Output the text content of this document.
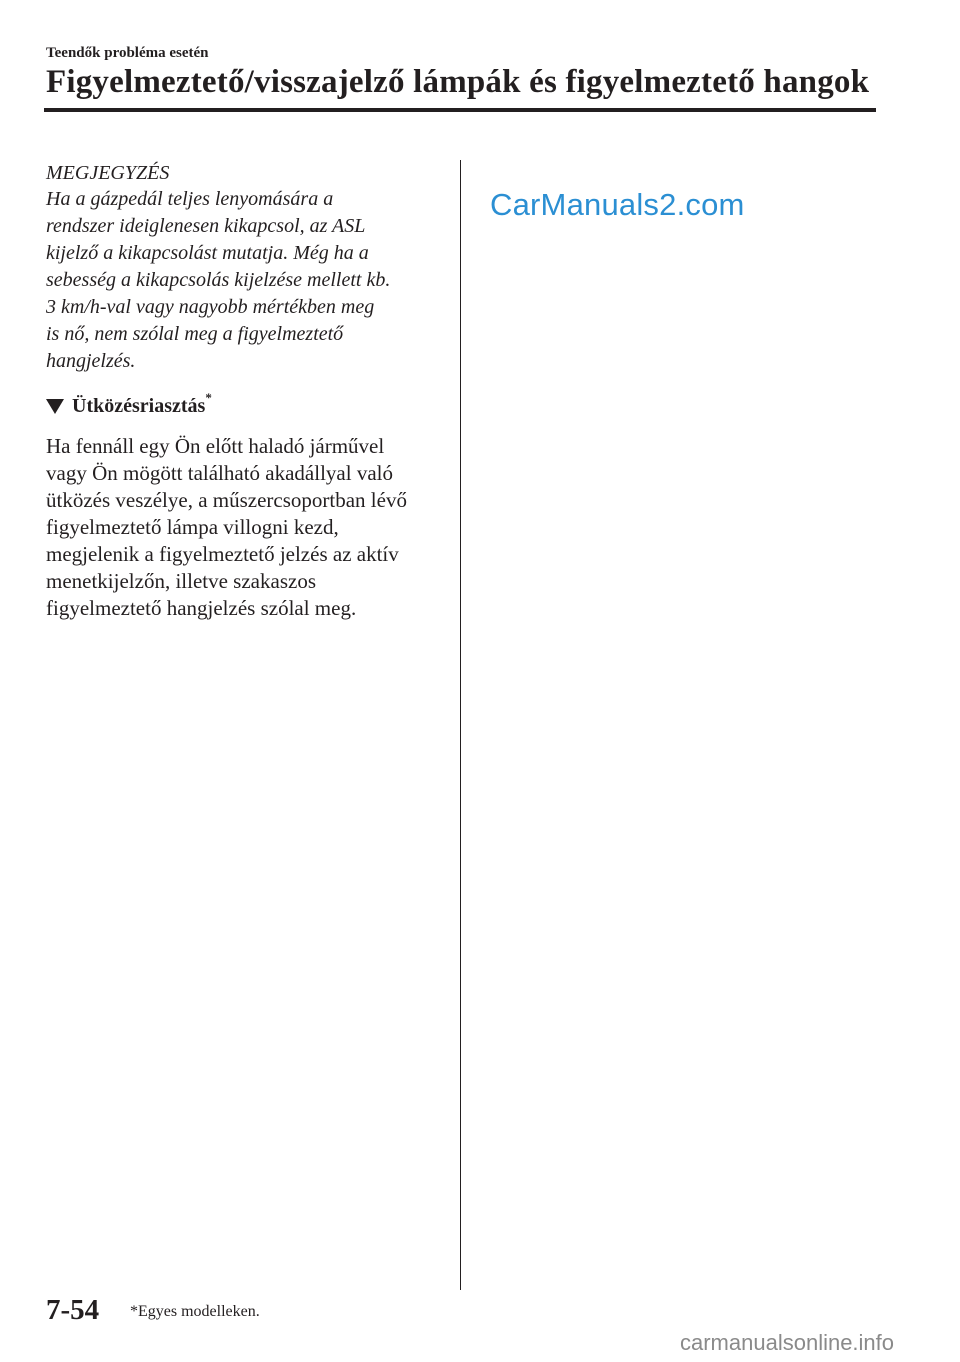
Teendők probléma esetén
Figyelmeztető/visszajelző lámpák és figyelmeztető hangok
MEGJEGYZÉS

Ha a gázpedál teljes lenyomására a
rendszer ideiglenesen kikapcsol, az ASL
kijelző a kikapcsolást mutatja. Még ha a
sebesség a kikapcsolás kijelzése mellett kb.
3 km/h-val vagy nagyobb mértékben meg
is nő, nem szólal meg a figyelmeztető
hangjelzés.

Ütközésriasztás*
Ha fennáll egy Ön előtt haladó járművel
vagy Ön mögött található akadállyal való
ütközés veszélye, a műszercsoportban lévő
figyelmeztető lámpa villogni kezd,
megjelenik a figyelmeztető jelzés az aktív
menetkijelzőn, illetve szakaszos
figyelmeztető hangjelzés szólal meg.
CarManuals2.com
7-54 *Egyes modelleken.
carmanualsonline.info
